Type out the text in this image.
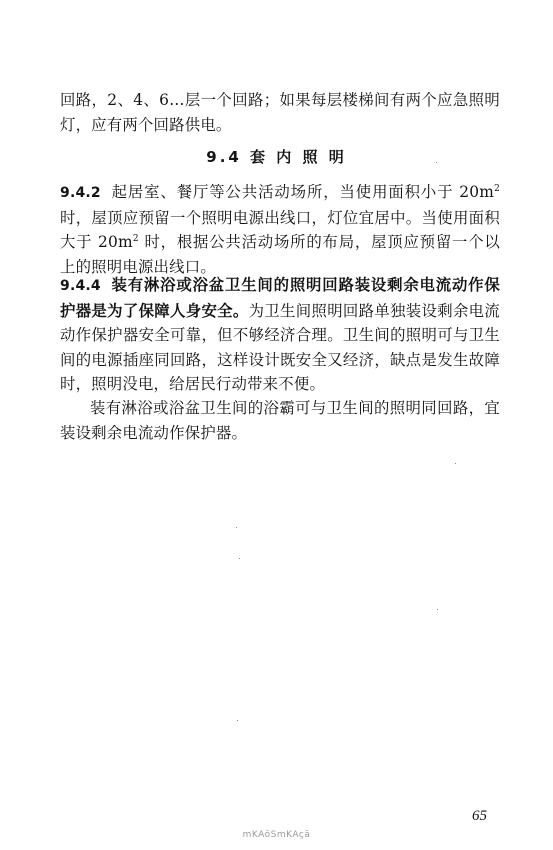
回路，2、4、6…层一个回路；如果每层楼梯间有两个应急照明灯，应有两个回路供电。

9.4 套 内 照 明

9.4.2 起居室、餐厅等公共活动场所，当使用面积小于 $20m^2$时，屋顶应预留一个照明电源出线口，灯位宜居中。当使用面积大于 $20m^2$ 时，根据公共活动场所的布局，屋顶应预留一个以上的照明电源出线口。

9.4.4 装有淋浴或浴盆卫生间的照明回路装设剩余电流动作保护器是为了保障人身安全。为卫生间照明回路单独装设剩余电流动作保护器安全可靠，但不够经济合理。卫生间的照明可与卫生间的电源插座同回路，这样设计既安全又经济，缺点是发生故障时，照明没电，给居民行动带来不便。

装有淋浴或浴盆卫生间的浴霸可与卫生间的照明同回路，宜装设剩余电流动作保护器。

65

mKAōSmKAçā
